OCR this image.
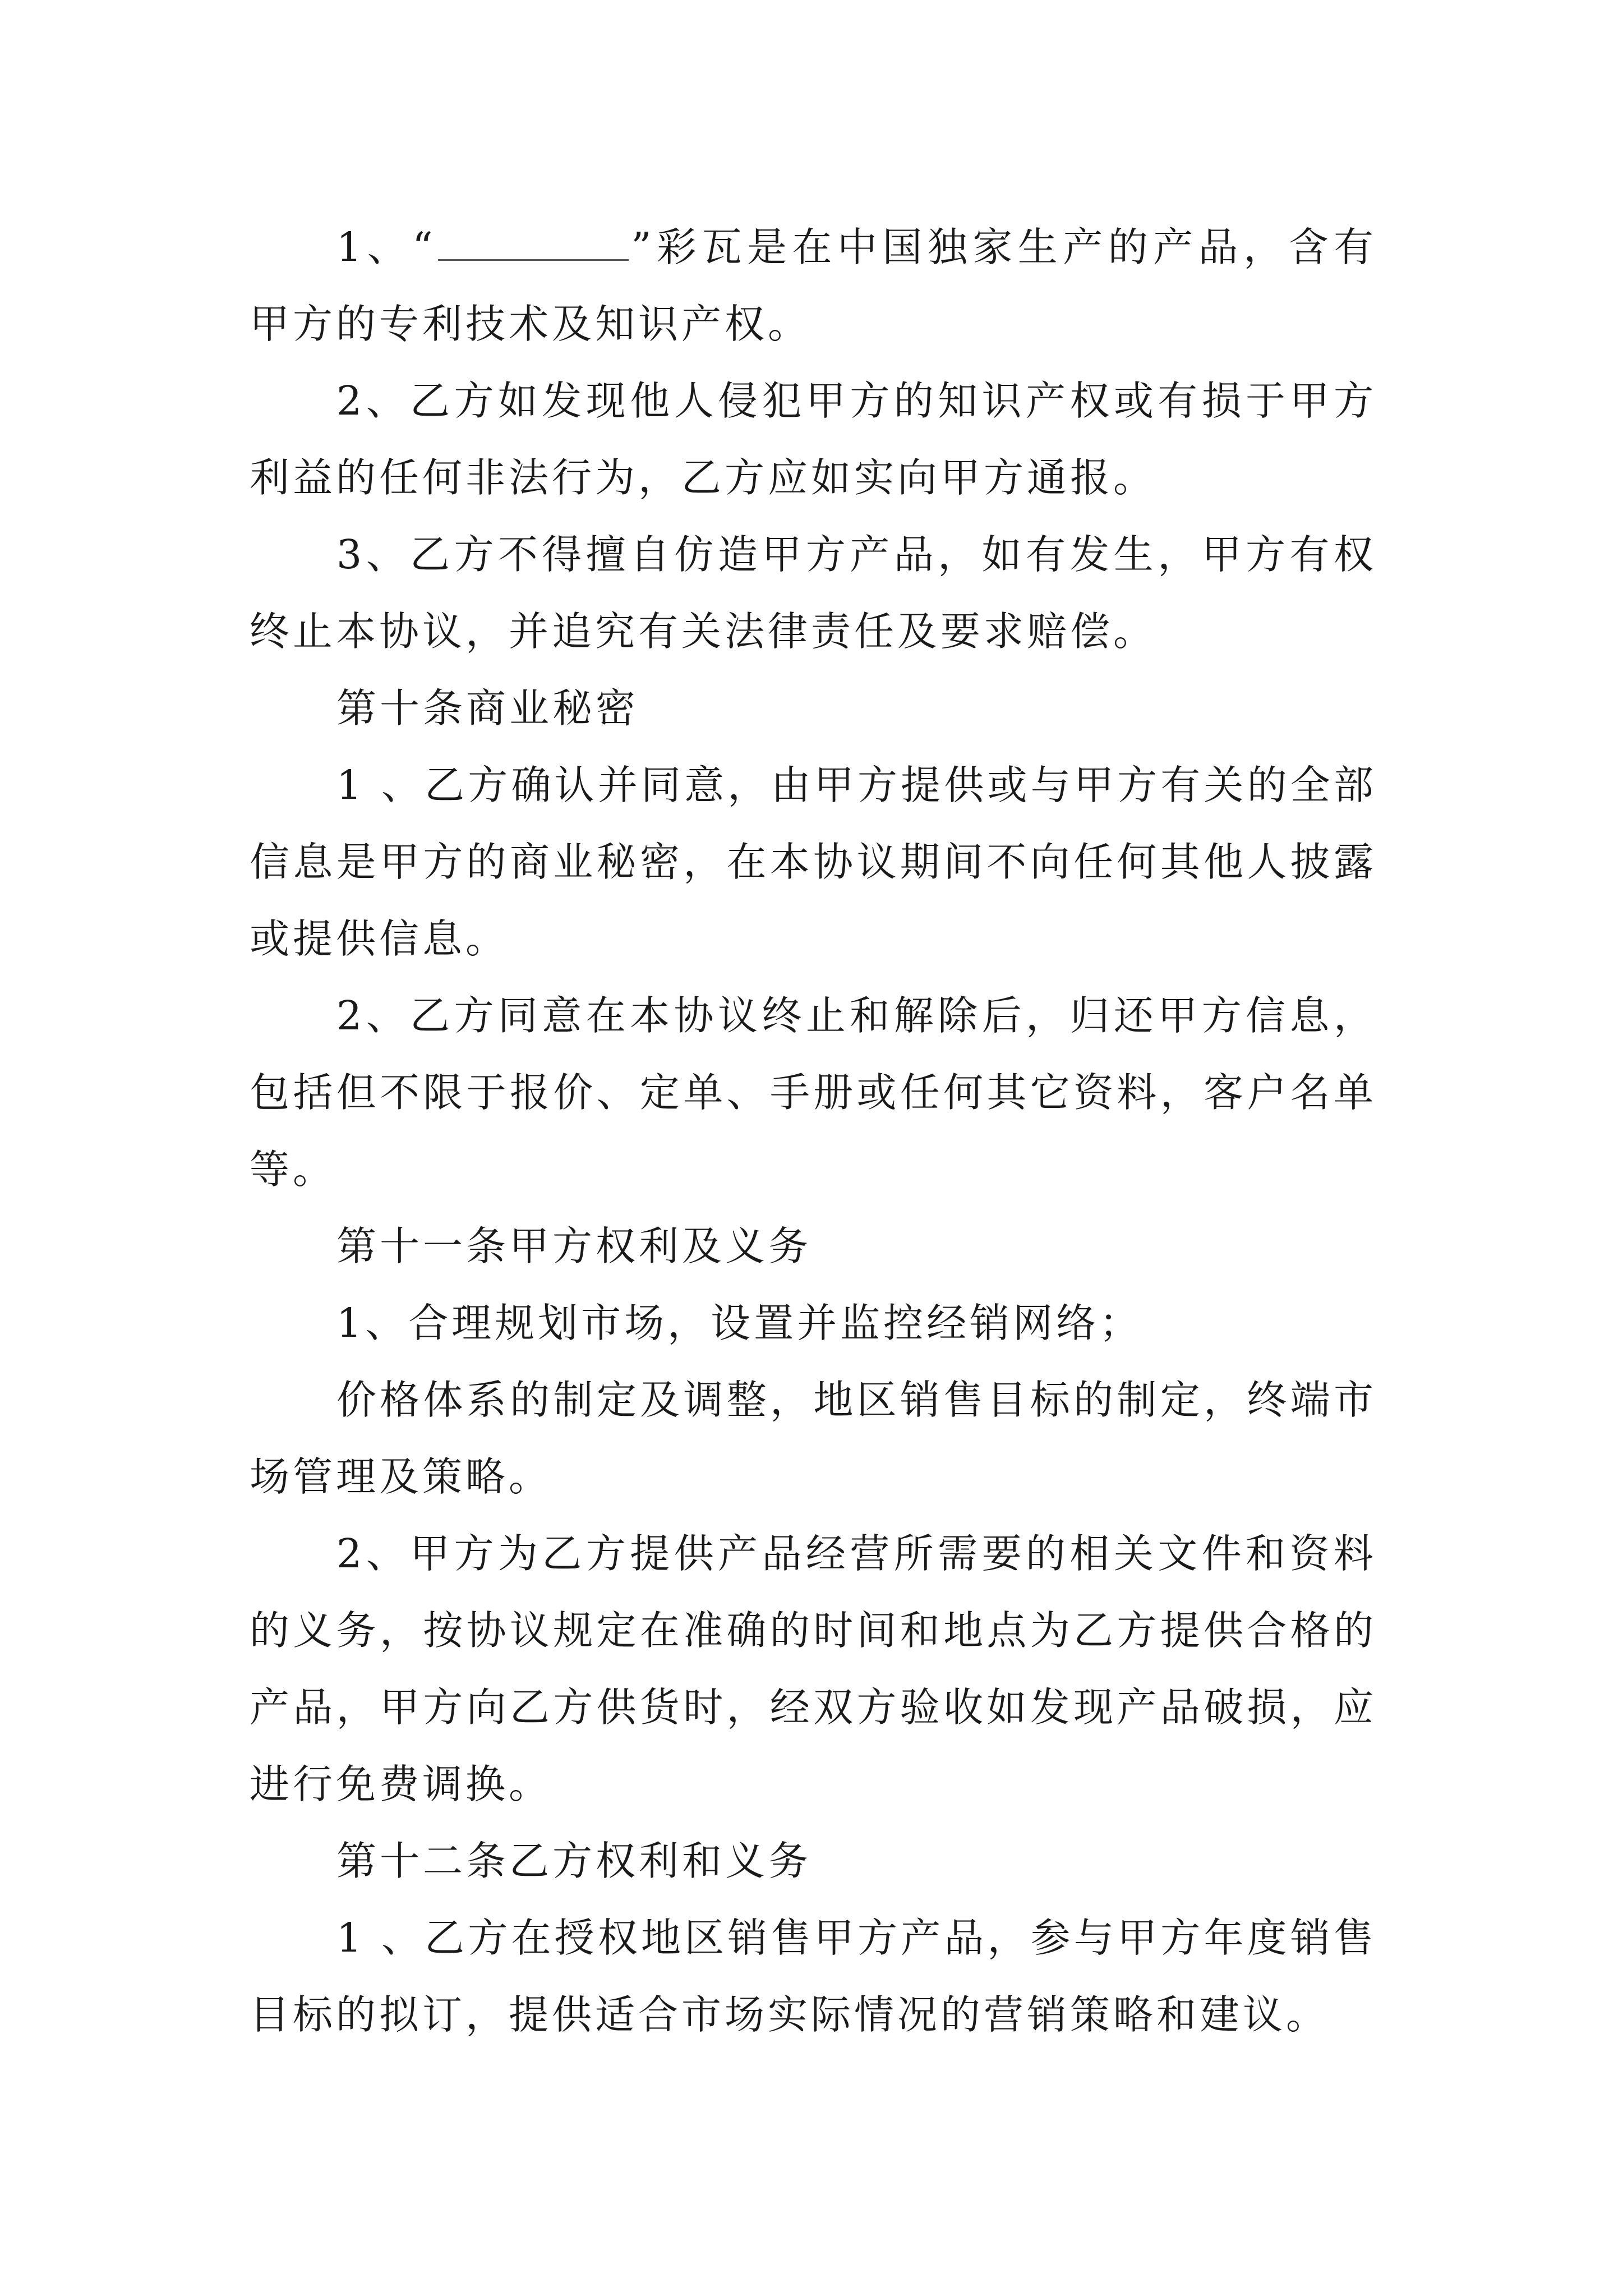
1、“	”彩瓦是在中国独家生产的产品，含有甲方的专利技术及知识产权。

2、乙方如发现他人侵犯甲方的知识产权或有损于甲方利益的任何非法行为，乙方应如实向甲方通报。

3、乙方不得擅自仿造甲方产品，如有发生，甲方有权终止本协议，并追究有关法律责任及要求赔偿。

第十条商业秘密

1 、乙方确认并同意，由甲方提供或与甲方有关的全部信息是甲方的商业秘密，在本协议期间不向任何其他人披露或提供信息。

2、乙方同意在本协议终止和解除后，归还甲方信息，包括但不限于报价、定单、手册或任何其它资料，客户名单等。

第十一条甲方权利及义务

1、合理规划市场，设置并监控经销网络；

价格体系的制定及调整，地区销售目标的制定，终端市场管理及策略。

2、甲方为乙方提供产品经营所需要的相关文件和资料的义务，按协议规定在准确的时间和地点为乙方提供合格的产品，甲方向乙方供货时，经双方验收如发现产品破损，应进行免费调换。

第十二条乙方权利和义务

1 、乙方在授权地区销售甲方产品，参与甲方年度销售目标的拟订，提供适合市场实际情况的营销策略和建议。
